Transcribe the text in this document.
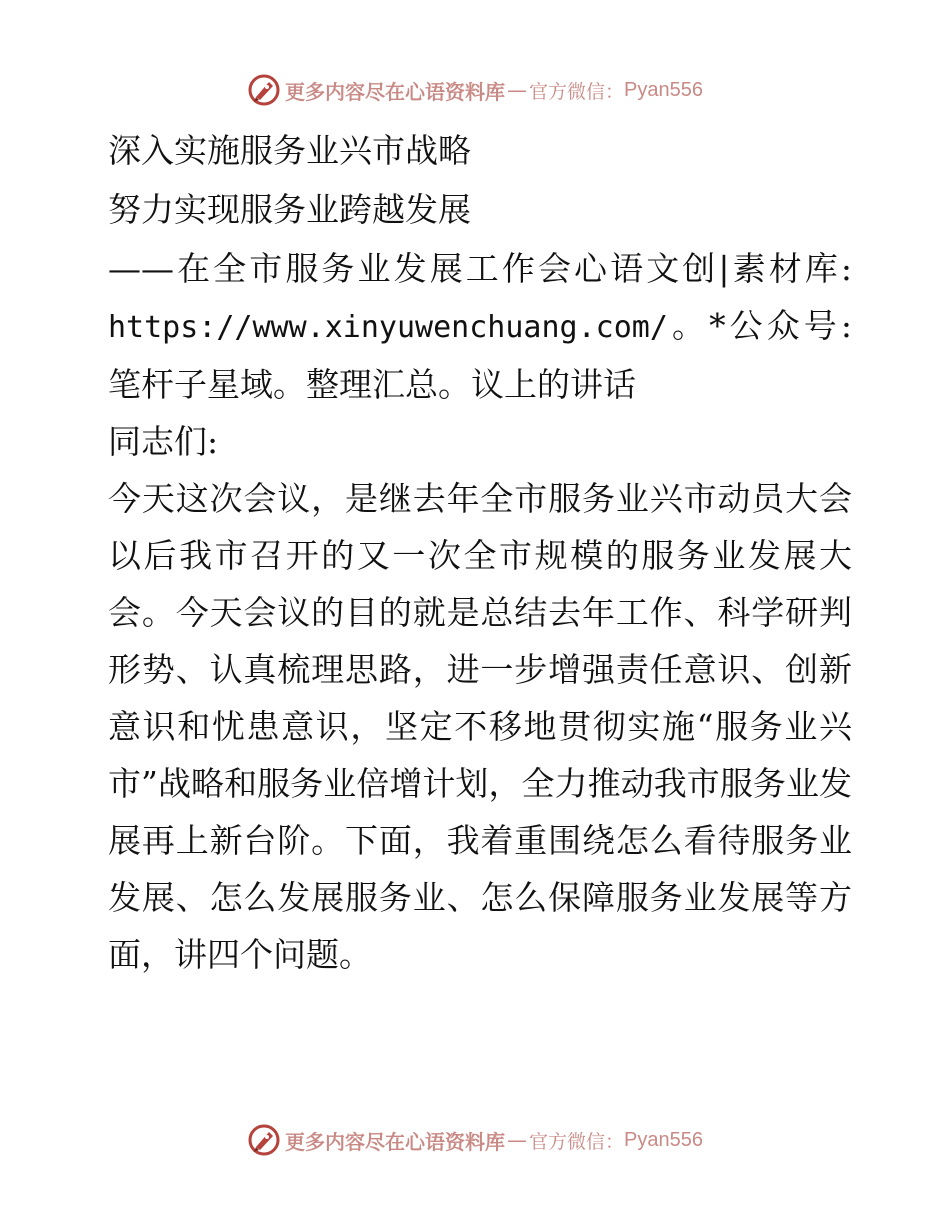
更多内容尽在心语资料库 — 官方微信： Pyan556

深入实施服务业兴市战略

努力实现服务业跨越发展

——在全市服务业发展工作会心语文创|素材库: https://www.xinyuwenchuang.com/。*公众号: 笔杆子星域。整理汇总。议上的讲话

同志们:

今天这次会议，是继去年全市服务业兴市动员大会以后我市召开的又一次全市规模的服务业发展大会。今天会议的目的就是总结去年工作、科学研判形势、认真梳理思路，进一步增强责任意识、创新意识和忧患意识，坚定不移地贯彻实施“服务业兴市”战略和服务业倍增计划，全力推动我市服务业发展再上新台阶。下面，我着重围绕怎么看待服务业发展、怎么发展服务业、怎么保障服务业发展等方面，讲四个问题。

更多内容尽在心语资料库 — 官方微信： Pyan556
